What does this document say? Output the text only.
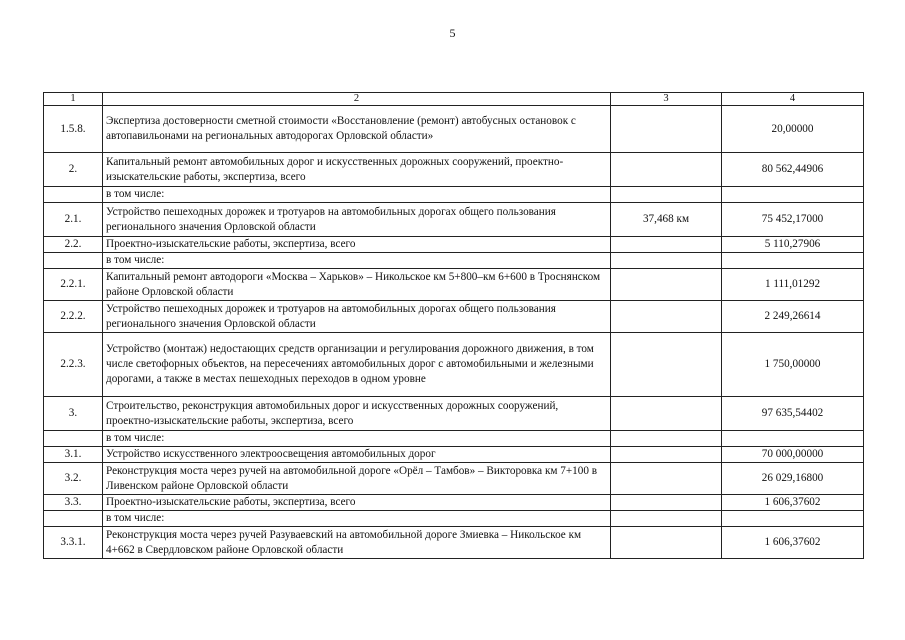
5
1	2	3	4
1.5.8.	Экспертиза достоверности сметной стоимости «Восстановление (ремонт) автобусных остановок с автопавильонами на региональных автодорогах Орловской области»		20,00000
2.	Капитальный ремонт автомобильных дорог и искусственных дорожных сооружений, проектно-изыскательские работы, экспертиза, всего		80 562,44906
	в том числе:		
2.1.	Устройство пешеходных дорожек и тротуаров на автомобильных дорогах общего пользования регионального значения Орловской области	37,468 км	75 452,17000
2.2.	Проектно-изыскательские работы, экспертиза, всего		5 110,27906
	в том числе:		
2.2.1.	Капитальный ремонт автодороги «Москва – Харьков» – Никольское км 5+800–км 6+600 в Троснянском районе Орловской области		1 111,01292
2.2.2.	Устройство пешеходных дорожек и тротуаров на автомобильных дорогах общего пользования регионального значения Орловской области		2 249,26614
2.2.3.	Устройство (монтаж) недостающих средств организации и регулирования дорожного движения, в том числе светофорных объектов, на пересечениях автомобильных дорог с автомобильными и железными дорогами, а также в местах пешеходных переходов в одном уровне		1 750,00000
3.	Строительство, реконструкция автомобильных дорог и искусственных дорожных сооружений, проектно-изыскательские работы, экспертиза, всего		97 635,54402
	в том числе:		
3.1.	Устройство искусственного электроосвещения автомобильных дорог		70 000,00000
3.2.	Реконструкция моста через ручей на автомобильной дороге «Орёл – Тамбов» – Викторовка км 7+100 в Ливенском районе Орловской области		26 029,16800
3.3.	Проектно-изыскательские работы, экспертиза, всего		1 606,37602
	в том числе:		
3.3.1.	Реконструкция моста через ручей Разуваевский на автомобильной дороге Змиевка – Никольское км 4+662 в Свердловском районе Орловской области		1 606,37602
